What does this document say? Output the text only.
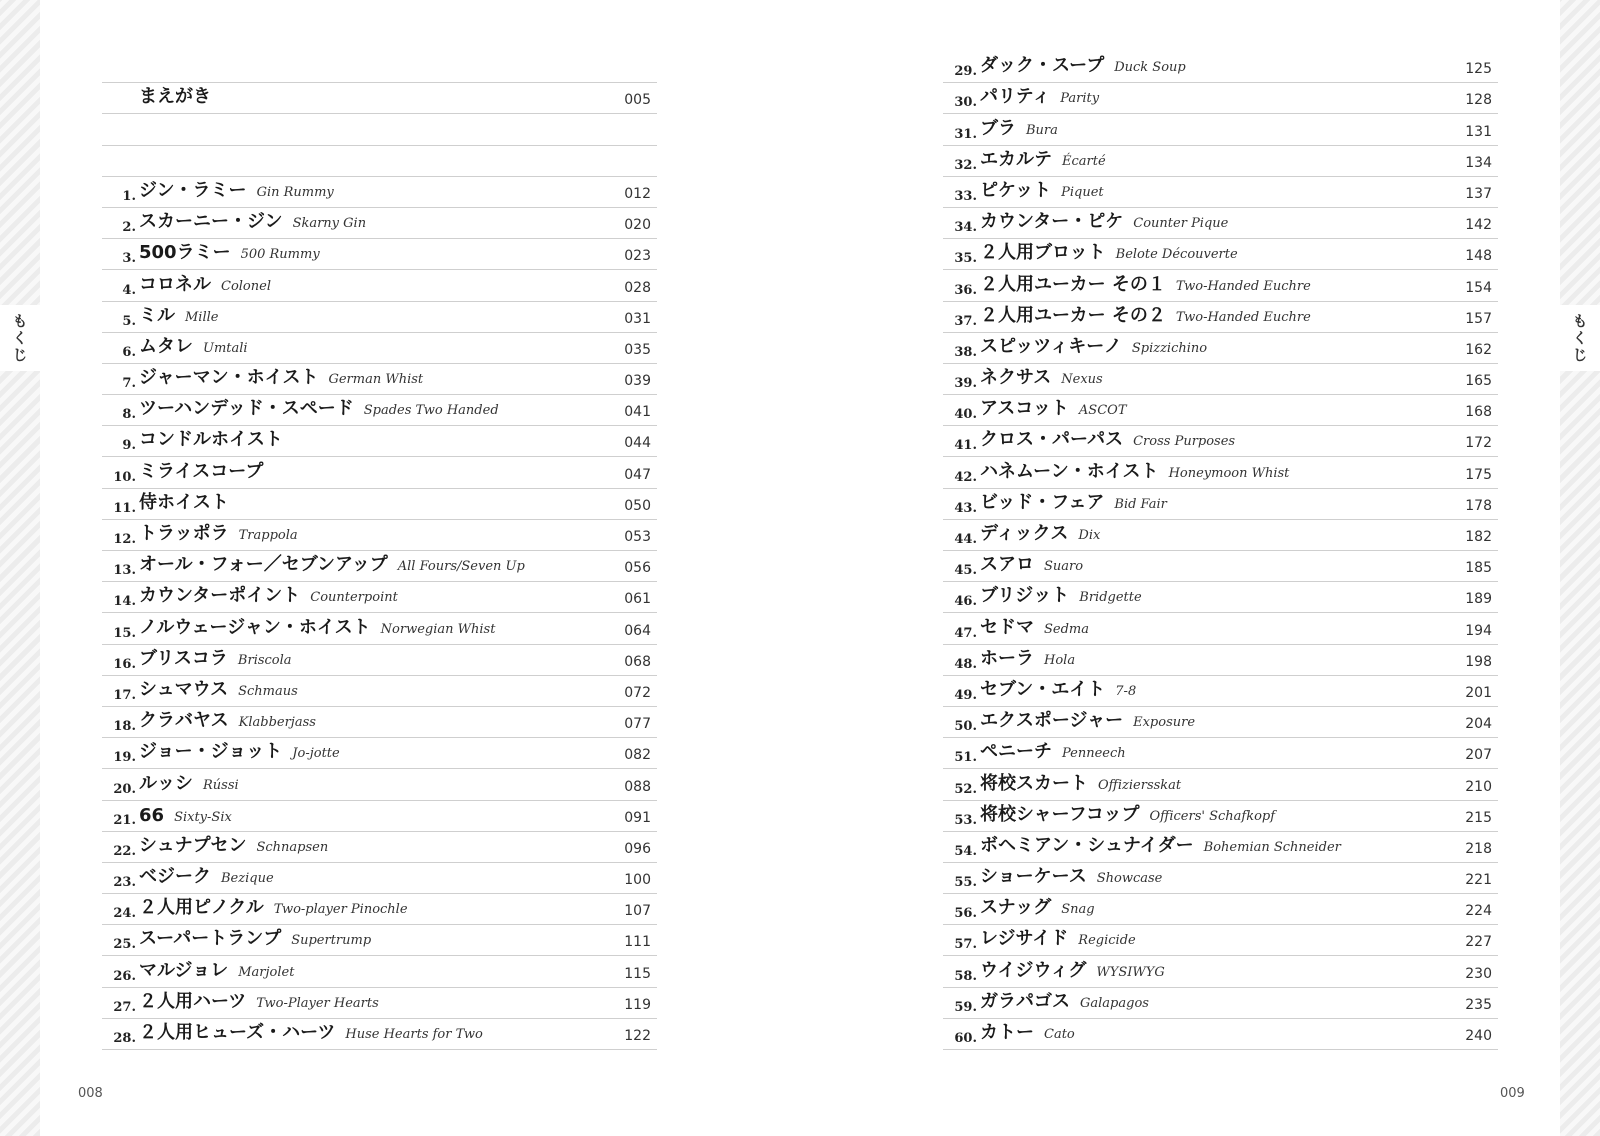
もくじ	もくじ
まえがき	005
1. ジン・ラミー Gin Rummy	012
2. スカーニー・ジン Skarny Gin	020
3. 500ラミー 500 Rummy	023
4. コロネル Colonel	028
5. ミル Mille	031
6. ムタレ Umtali	035
7. ジャーマン・ホイスト German Whist	039
8. ツーハンデッド・スペード Spades Two Handed	041
9. コンドルホイスト	044
10. ミライスコープ	047
11. 侍ホイスト	050
12. トラッポラ Trappola	053
13. オール・フォー／セブンアップ All Fours/Seven Up	056
14. カウンターポイント Counterpoint	061
15. ノルウェージャン・ホイスト Norwegian Whist	064
16. ブリスコラ Briscola	068
17. シュマウス Schmaus	072
18. クラバヤス Klabberjass	077
19. ジョー・ジョット Jo-jotte	082
20. ルッシ Rússi	088
21. 66 Sixty-Six	091
22. シュナプセン Schnapsen	096
23. ベジーク Bezique	100
24. ２人用ピノクル Two-player Pinochle	107
25. スーパートランプ Supertrump	111
26. マルジョレ Marjolet	115
27. ２人用ハーツ Two-Player Hearts	119
28. ２人用ヒューズ・ハーツ Huse Hearts for Two	122
29. ダック・スープ Duck Soup	125
30. パリティ Parity	128
31. ブラ Bura	131
32. エカルテ Écarté	134
33. ピケット Piquet	137
34. カウンター・ピケ Counter Pique	142
35. ２人用ブロット Belote Découverte	148
36. ２人用ユーカー その１ Two-Handed Euchre	154
37. ２人用ユーカー その２ Two-Handed Euchre	157
38. スピッツィキーノ Spizzichino	162
39. ネクサス Nexus	165
40. アスコット ASCOT	168
41. クロス・パーパス Cross Purposes	172
42. ハネムーン・ホイスト Honeymoon Whist	175
43. ビッド・フェア Bid Fair	178
44. ディックス Dix	182
45. スアロ Suaro	185
46. ブリジット Bridgette	189
47. セドマ Sedma	194
48. ホーラ Hola	198
49. セブン・エイト 7-8	201
50. エクスポージャー Exposure	204
51. ペニーチ Penneech	207
52. 将校スカート Offiziersskat	210
53. 将校シャーフコップ Officers' Schafkopf	215
54. ボヘミアン・シュナイダー Bohemian Schneider	218
55. ショーケース Showcase	221
56. スナッグ Snag	224
57. レジサイド Regicide	227
58. ウイジウィグ WYSIWYG	230
59. ガラパゴス Galapagos	235
60. カトー Cato	240
008	009
